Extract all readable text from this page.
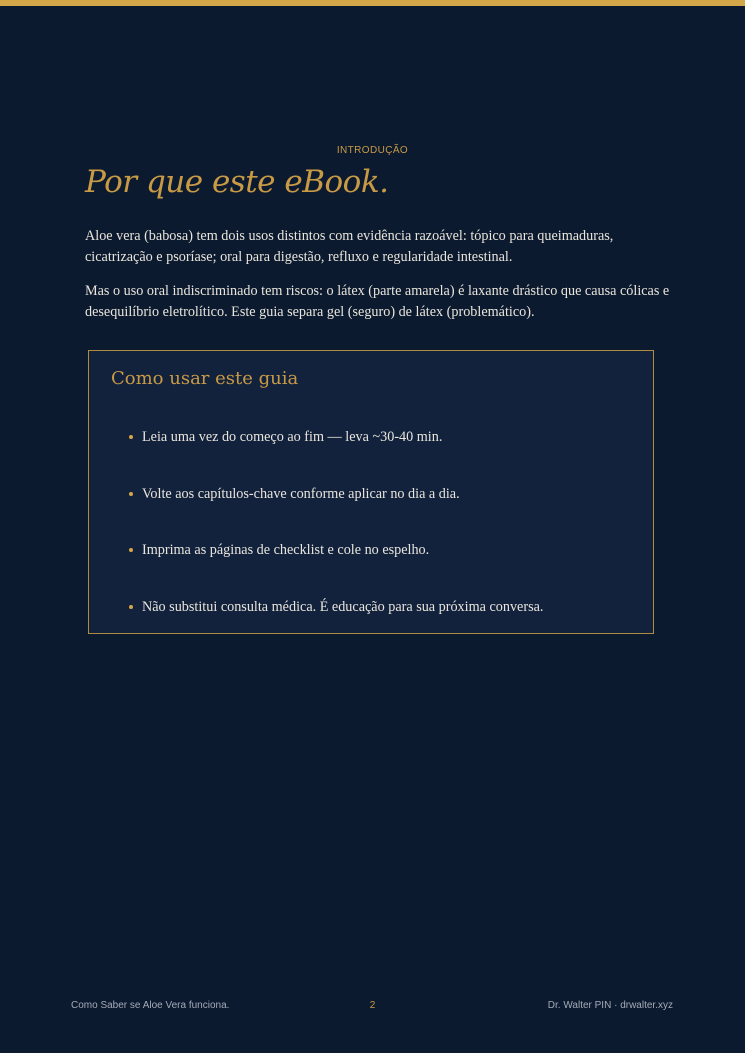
INTRODUÇÃO
Por que este eBook.

Aloe vera (babosa) tem dois usos distintos com evidência razoável: tópico para queimaduras, cicatrização e psoríase; oral para digestão, refluxo e regularidade intestinal.

Mas o uso oral indiscriminado tem riscos: o látex (parte amarela) é laxante drástico que causa cólicas e desequilíbrio eletrolítico. Este guia separa gel (seguro) de látex (problemático).

Como usar este guia
Leia uma vez do começo ao fim — leva ~30-40 min.
Volte aos capítulos-chave conforme aplicar no dia a dia.
Imprima as páginas de checklist e cole no espelho.
Não substitui consulta médica. É educação para sua próxima conversa.
Como Saber se Aloe Vera funciona.	2	Dr. Walter PIN · drwalter.xyz
